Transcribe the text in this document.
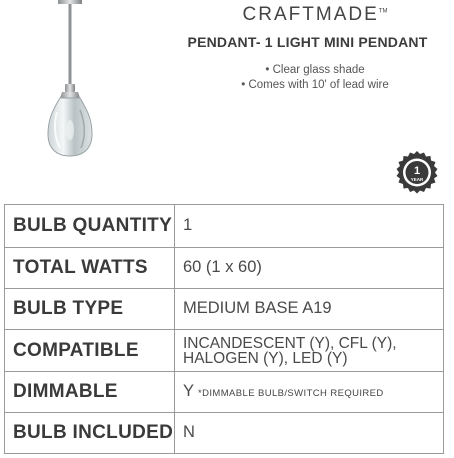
CRAFTMADE™
PENDANT- 1 LIGHT MINI PENDANT
• Clear glass shade
• Comes with 10' of lead wire
1
YEAR
BULB QUANTITY	1
TOTAL WATTS	60 (1 x 60)
BULB TYPE	MEDIUM BASE A19
COMPATIBLE	INCANDESCENT (Y), CFL (Y), HALOGEN (Y), LED (Y)

DIMMABLE	Y *DIMMABLE BULB/SWITCH REQUIRED
BULB INCLUDED	N
